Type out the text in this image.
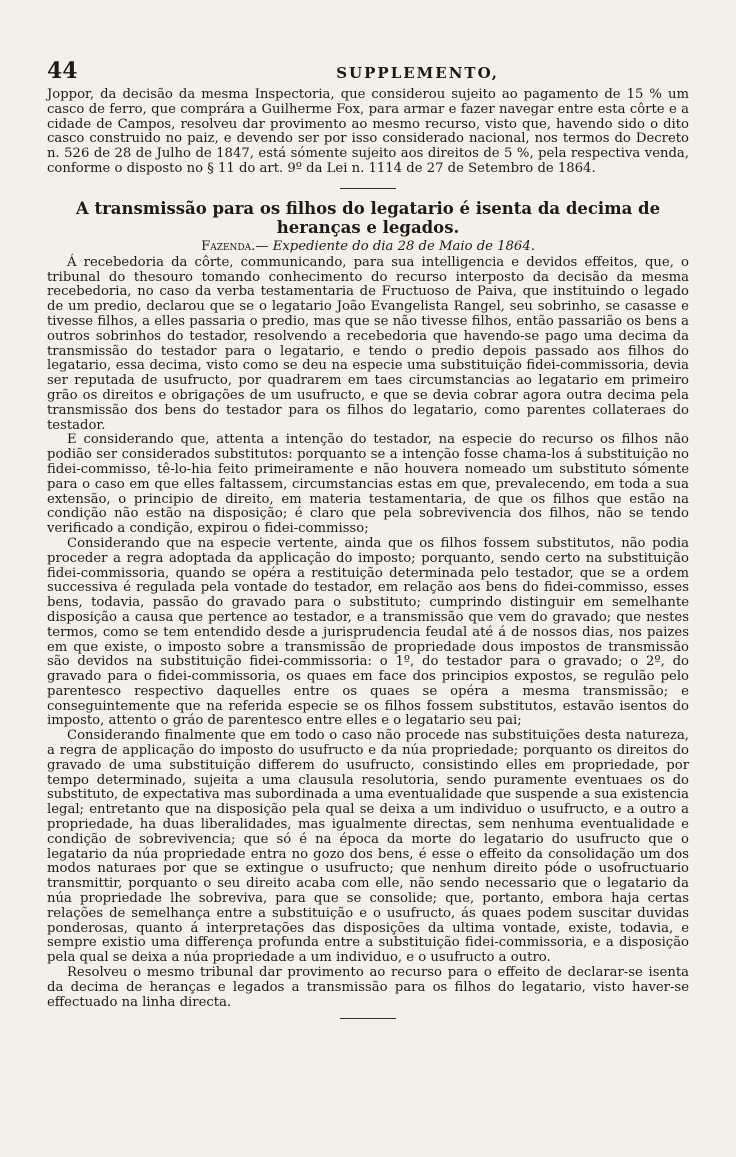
44	SUPPLEMENTO,

Joppor, da decisão da mesma Inspectoria, que considerou sujeito ao pagamento de 15 % um casco de ferro, que comprára a Guilherme Fox, para armar e fazer navegar entre esta côrte e a cidade de Campos, resolveu dar provimento ao mesmo recurso, visto que, havendo sido o dito casco construido no paiz, e devendo ser por isso considerado nacional, nos termos do Decreto n. 526 de 28 de Julho de 1847, está sómente sujeito aos direitos de 5 %, pela respectiva venda, conforme o disposto no § 11 do art. 9º da Lei n. 1114 de 27 de Setembro de 1864.

A transmissão para os filhos do legatario é isenta da decima de heranças e legados.
Fazenda.— Expediente do dia 28 de Maio de 1864.

Á recebedoria da côrte, communicando, para sua intelligencia e devidos effeitos, que, o tribunal do thesouro tomando conhecimento do recurso interposto da decisão da mesma recebedoria, no caso da verba testamentaria de Fructuoso de Paiva, que instituindo o legado de um predio, declarou que se o legatario João Evangelista Rangel, seu sobrinho, se casasse e tivesse filhos, a elles passaria o predio, mas que se não tivesse filhos, então passarião os bens a outros sobrinhos do testador, resolvendo a recebedoria que havendo-se pago uma decima da transmissão do testador para o legatario, e tendo o predio depois passado aos filhos do legatario, essa decima, visto como se deu na especie uma substituição fidei-commissoria, devia ser reputada de usufructo, por quadrarem em taes circumstancias ao legatario em primeiro grão os direitos e obrigações de um usufructo, e que se devia cobrar agora outra decima pela transmissão dos bens do testador para os filhos do legatario, como parentes collateraes do testador.

E considerando que, attenta a intenção do testador, na especie do recurso os filhos não podião ser considerados substitutos: porquanto se a intenção fosse chama-los á substituição no fidei-commisso, tê-lo-hia feito primeiramente e não houvera nomeado um substituto sómente para o caso em que elles faltassem, circumstancias estas em que, prevalecendo, em toda a sua extensão, o principio de direito, em materia testamentaria, de que os filhos que estão na condição não estão na disposição; é claro que pela sobrevivencia dos filhos, não se tendo verificado a condição, expirou o fidei-commisso;

Considerando que na especie vertente, ainda que os filhos fossem substitutos, não podia proceder a regra adoptada da applicação do imposto; porquanto, sendo certo na substituição fidei-commissoria, quando se opéra a restituição determinada pelo testador, que se a ordem successiva é regulada pela vontade do testador, em relação aos bens do fidei-commisso, esses bens, todavia, passão do gravado para o substituto; cumprindo distinguir em semelhante disposição a causa que pertence ao testador, e a transmissão que vem do gravado; que nestes termos, como se tem entendido desde a jurisprudencia feudal até á de nossos dias, nos paizes em que existe, o imposto sobre a transmissão de propriedade dous impostos de transmissão são devidos na substituição fidei-commissoria: o 1º, do testador para o gravado; o 2º, do gravado para o fidei-commissoria, os quaes em face dos principios expostos, se regulão pelo parentesco respectivo daquelles entre os quaes se opéra a mesma transmissão; e conseguintemente que na referida especie se os filhos fossem substitutos, estavão isentos do imposto, attento o gráo de parentesco entre elles e o legatario seu pai;

Considerando finalmente que em todo o caso não procede nas substituições desta natureza, a regra de applicação do imposto do usufructo e da núa propriedade; porquanto os direitos do gravado de uma substituição differem do usufructo, consistindo elles em propriedade, por tempo determinado, sujeita a uma clausula resolutoria, sendo puramente eventuaes os do substituto, de expectativa mas subordinada a uma eventualidade que suspende a sua existencia legal; entretanto que na disposição pela qual se deixa a um individuo o usufructo, e a outro a propriedade, ha duas liberalidades, mas igualmente directas, sem nenhuma eventualidade e condição de sobrevivencia; que só é na época da morte do legatario do usufructo que o legatario da núa propriedade entra no gozo dos bens, é esse o effeito da consolidação um dos modos naturaes por que se extingue o usufructo; que nenhum direito póde o usofructuario transmittir, porquanto o seu direito acaba com elle, não sendo necessario que o legatario da núa propriedade lhe sobreviva, para que se consolide; que, portanto, embora haja certas relações de semelhança entre a substituição e o usufructo, ás quaes podem suscitar duvidas ponderosas, quanto á interpretações das disposições da ultima vontade, existe, todavia, e sempre existio uma differença profunda entre a substituição fidei-commissoria, e a disposição pela qual se deixa a núa propriedade a um individuo, e o usufructo a outro.

Resolveu o mesmo tribunal dar provimento ao recurso para o effeito de declarar-se isenta da decima de heranças e legados a transmissão para os filhos do legatario, visto haver-se effectuado na linha directa.
